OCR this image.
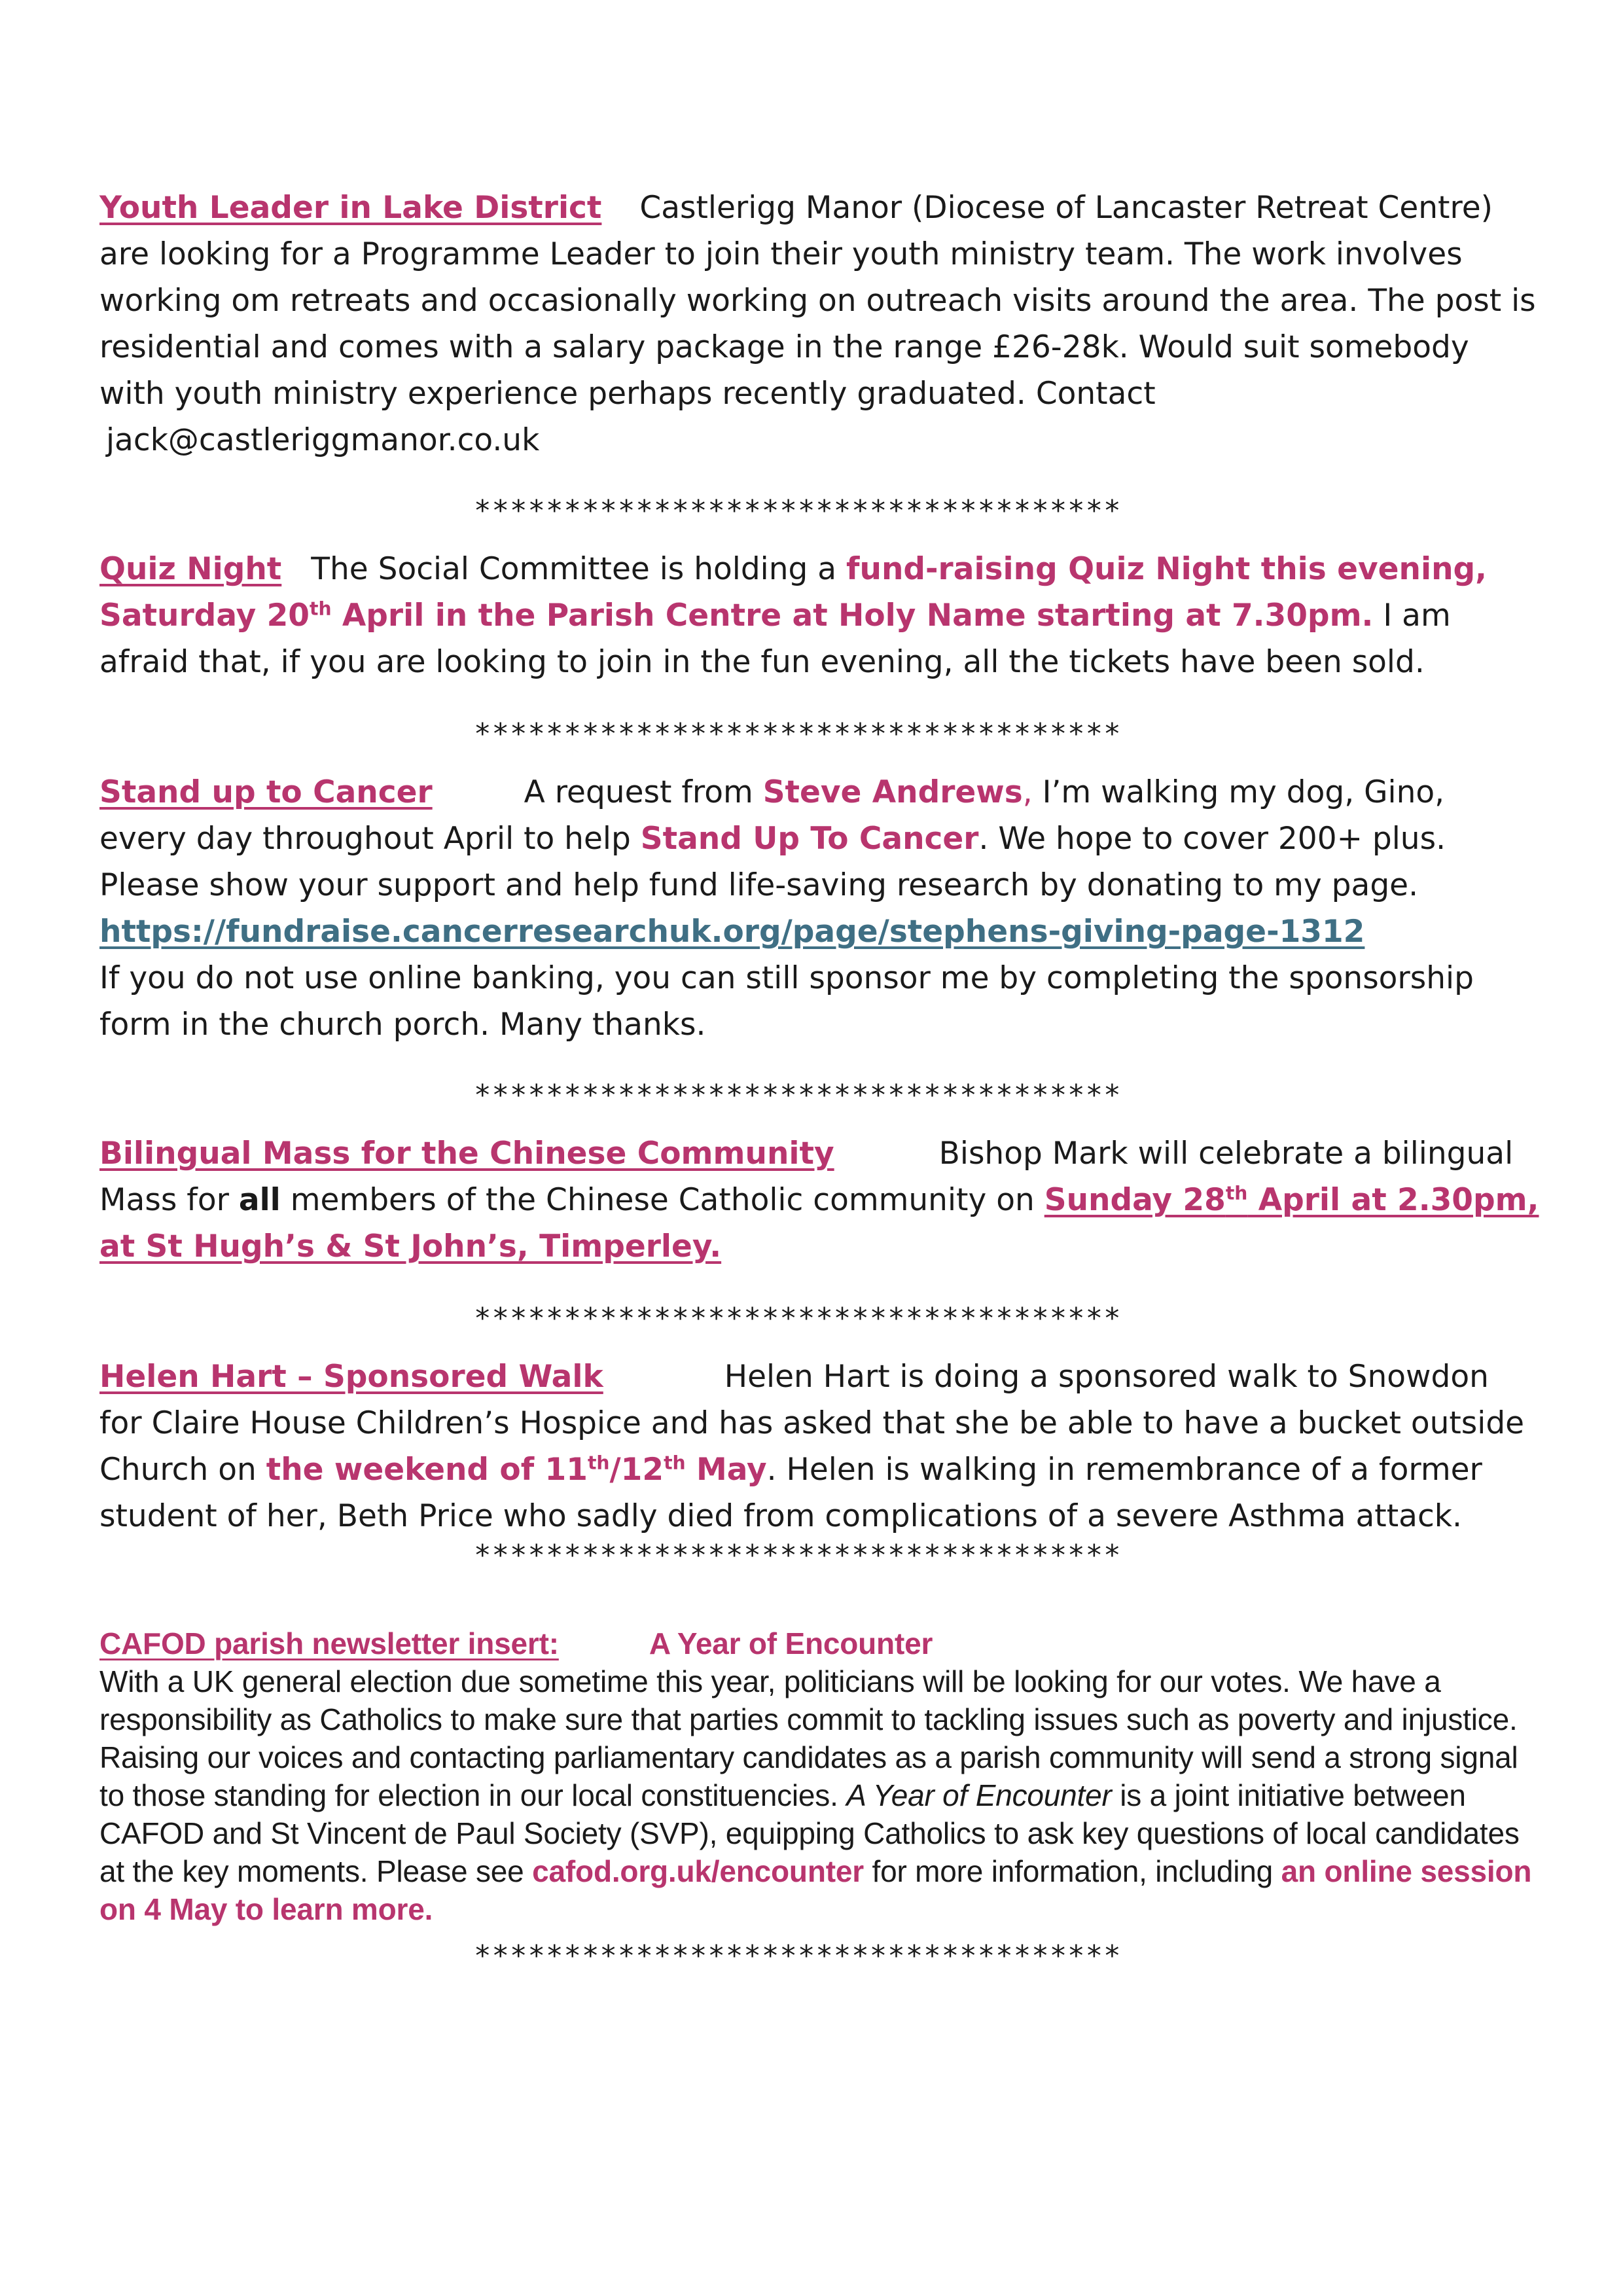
Youth Leader in Lake District Castlerigg Manor (Diocese of Lancaster Retreat Centre) are looking for a Programme Leader to join their youth ministry team. The work involves working om retreats and occasionally working on outreach visits around the area. The post is residential and comes with a salary package in the range £26-28k. Would suit somebody with youth ministry experience perhaps recently graduated. Contact
jack@castleriggmanor.co.uk
************************************
Quiz Night The Social Committee is holding a fund-raising Quiz Night this evening, Saturday 20th April in the Parish Centre at Holy Name starting at 7.30pm. I am afraid that, if you are looking to join in the fun evening, all the tickets have been sold.
************************************
Stand up to Cancer	A request from Steve Andrews, I’m walking my dog, Gino, every day throughout April to help Stand Up To Cancer. We hope to cover 200+ plus. Please show your support and help fund life-saving research by donating to my page.
https://fundraise.cancerresearchuk.org/page/stephens-giving-page-1312
If you do not use online banking, you can still sponsor me by completing the sponsorship form in the church porch. Many thanks.
************************************
Bilingual Mass for the Chinese Community	Bishop Mark will celebrate a bilingual Mass for all members of the Chinese Catholic community on Sunday 28th April at 2.30pm, at St Hugh’s & St John’s, Timperley.
************************************
Helen Hart – Sponsored Walk	Helen Hart is doing a sponsored walk to Snowdon for Claire House Children’s Hospice and has asked that she be able to have a bucket outside Church on the weekend of 11th/12th May. Helen is walking in remembrance of a former student of her, Beth Price who sadly died from complications of a severe Asthma attack.
************************************
CAFOD parish newsletter insert:	A Year of Encounter
With a UK general election due sometime this year, politicians will be looking for our votes. We have a responsibility as Catholics to make sure that parties commit to tackling issues such as poverty and injustice. Raising our voices and contacting parliamentary candidates as a parish community will send a strong signal to those standing for election in our local constituencies. A Year of Encounter is a joint initiative between CAFOD and St Vincent de Paul Society (SVP), equipping Catholics to ask key questions of local candidates at the key moments. Please see cafod.org.uk/encounter for more information, including an online session on 4 May to learn more.
************************************
